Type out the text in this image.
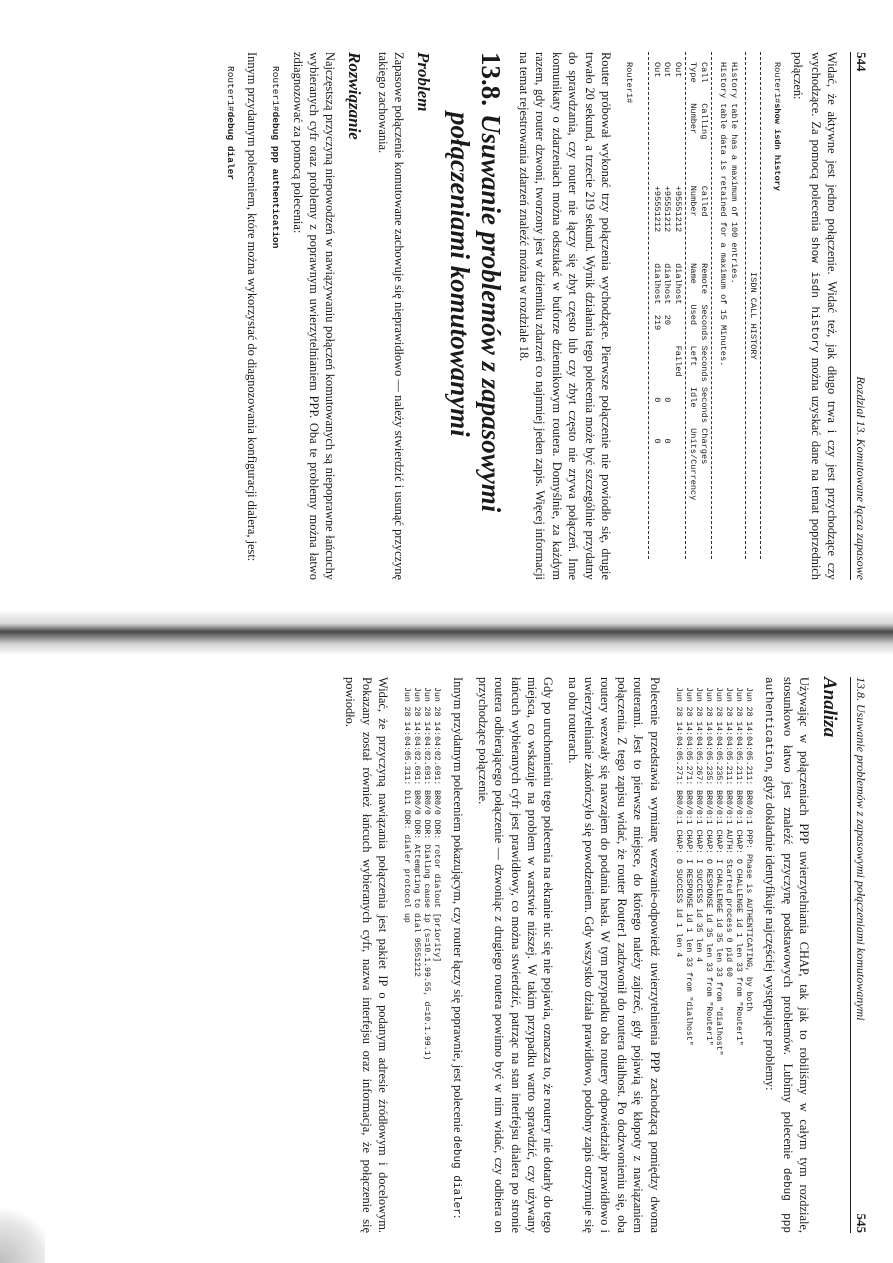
544
Rozdział 13. Komutowane łącza zapasowe

Widać, że aktywne jest jedno połączenie. Widać też, jak długo trwa i czy jest przychodzące czy wychodzące. Za pomocą polecenia show isdn history można uzyskać dane na temat poprzednich połączeń:

Router1#show isdn history
ISDN CALL HISTORY
History table has a maximum of 100 entries.
History table data is retained for a maximum of 15 Minutes.
Call    Calling         Called         Remote  Seconds Seconds Seconds Charges
Type    Number          Number         Name    Used    Left    Idle    Units/Currency
Out                     +95551212      dialhost        Failed
Out                     +95551212      dialhost  20              0       0
Out                     +95551212      dialhost  219             0       0
Router1#

Router próbował wykonać trzy połączenia wychodzące. Pierwsze połączenie nie powiodło się, drugie trwało 20 sekund, a trzecie 219 sekund. Wynik działania tego polecenia może być szczególnie przydatny do sprawdzania, czy router nie łączy się zbyt często lub czy zbyt często nie zrywa połączeń. Inne komunikaty o zdarzeniach można odszukać w buforze dziennikowym routera. Domyślnie, za każdym razem, gdy router dzwoni, tworzony jest w dzienniku zdarzeń co najmniej jeden zapis. Więcej informacji na temat rejestrowania zdarzeń znaleźć można w rozdziale 18.

13.8.Usuwanie problemów z zapasowymi
połączeniami komutowanymi
Problem

Zapasowe połączenie komutowane zachowuje się nieprawidłowo — należy stwierdzić i usunąć przyczynę takiego zachowania.

Rozwiązanie

Najczęstszą przyczyną niepowodzeń w nawiązywaniu połączeń komutowanych są niepoprawne łańcuchy wybieranych cyfr oraz problemy z poprawnym uwierzytelnianiem PPP. Oba te problemy można łatwo zdiagnozować za pomocą polecenia:

Router1#debug ppp authentication

Innym przydatnym poleceniem, które można wykorzystać do diagnozowania konfiguracji dialera, jest:

Router1#debug dialer
13.8. Usuwanie problemów z zapasowymi połączeniami komutowanymi
545
Analiza

Używając w połączeniach PPP uwierzytelniania CHAP, tak jak to robiliśmy w całym tym rozdziale, stosunkowo łatwo jest znaleźć przyczynę podstawowych problemów. Lubimy polecenie debug ppp authentication, gdyż dokładnie identyfikuje najczęściej występujące problemy:

Jun 28 14:04:05.211: BR0/0:1 PPP: Phase is AUTHENTICATING, by both
Jun 28 14:04:05.211: BR0/0:1 CHAP: O CHALLENGE id 1 len 33 from "Router1"
Jun 28 14:04:05.211: BR0/0:1 AUTH: Started process 0 pid 60
Jun 28 14:04:05.235: BR0/0:1 CHAP: I CHALLENGE id 35 len 33 from "dialhost"
Jun 28 14:04:05.235: BR0/0:1 CHAP: O RESPONSE id 35 len 33 from "Router1"
Jun 28 14:04:05.267: BR0/0:1 CHAP: I SUCCESS id 35 len 4
Jun 28 14:04:05.271: BR0/0:1 CHAP: I RESPONSE id 1 len 33 from "dialhost"
Jun 28 14:04:05.271: BR0/0:1 CHAP: O SUCCESS id 1 len 4

Polecenie przedstawia wymianę wezwanie-odpowiedź uwierzytelnienia PPP zachodzącą pomiędzy dwoma routerami. Jest to pierwsze miejsce, do którego należy zajrzeć, gdy pojawią się kłopoty z nawiązaniem połączenia. Z tego zapisu widać, że router Router1 zadzwonił do routera dialhost. Po dodzwonieniu się, oba routery wezwały się nawzajem do podania hasła. W tym przypadku oba routery odpowiedziały prawidłowo i uwierzytelnianie zakończyło się powodzeniem. Gdy wszystko działa prawidłowo, podobny zapis otrzymuje się na obu routerach.

Gdy po uruchomieniu tego polecenia na ekranie nic się nie pojawia, oznacza to, że routery nie dotarły do tego miejsca, co wskazuje na problem w warstwie niższej. W takim przypadku warto sprawdzić, czy używany łańcuch wybieranych cyfr jest prawidłowy, co można stwierdzić, patrząc na stan interfejsu dialera po stronie routera odbierającego połączenie — dzwoniąc z drugiego routera powinno być w nim widać, czy odbiera on przychodzące połączenie.

Innym przydatnym poleceniem pokazującym, czy router łączy się poprawnie, jest polecenie debug dialer:

Jun 28 14:04:02.691: BR0/0 DDR: rotor dialout [priority]
Jun 28 14:04:02.691: BR0/0 DDR: Dialing cause ip (s=10.1.99.55, d=10.1.99.1)
Jun 28 14:04:02.691: BR0/0 DDR: Attempting to dial 95551212
Jun 28 14:04:05.311: Di1 DDR: dialer protocol up

Widać, że przyczyną nawiązania połączenia jest pakiet IP o podanym adresie źródłowym i docelowym. Pokazany został również łańcuch wybieranych cyfr, nazwa interfejsu oraz informacja, że połączenie się powiodło.
